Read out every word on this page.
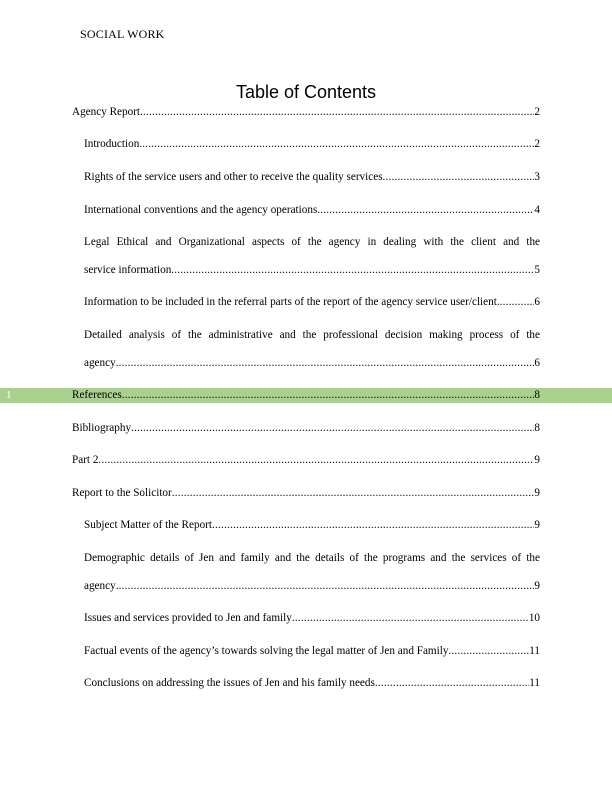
SOCIAL WORK
1
Table of Contents
Agency Report .....	2
Introduction .....	2
Rights of the service users and other to receive the quality services .....	3
International conventions and the agency operations .....	4
Legal Ethical and Organizational aspects of the agency in dealing with the client and the
service information .....	5
Information to be included in the referral parts of the report of the agency service user/client. .....	6
Detailed analysis of the administrative and the professional decision making process of the
agency .....	6
References .....	8
Bibliography .....	8
Part 2 .....	9
Report to the Solicitor .....	9
Subject Matter of the Report .....	9
Demographic details of Jen and family and the details of the programs and the services of the
agency .....	9
Issues and services provided to Jen and family .....	10
Factual events of the agency’s towards solving the legal matter of Jen and Family .....	11
Conclusions on addressing the issues of Jen and his family needs .....	11
